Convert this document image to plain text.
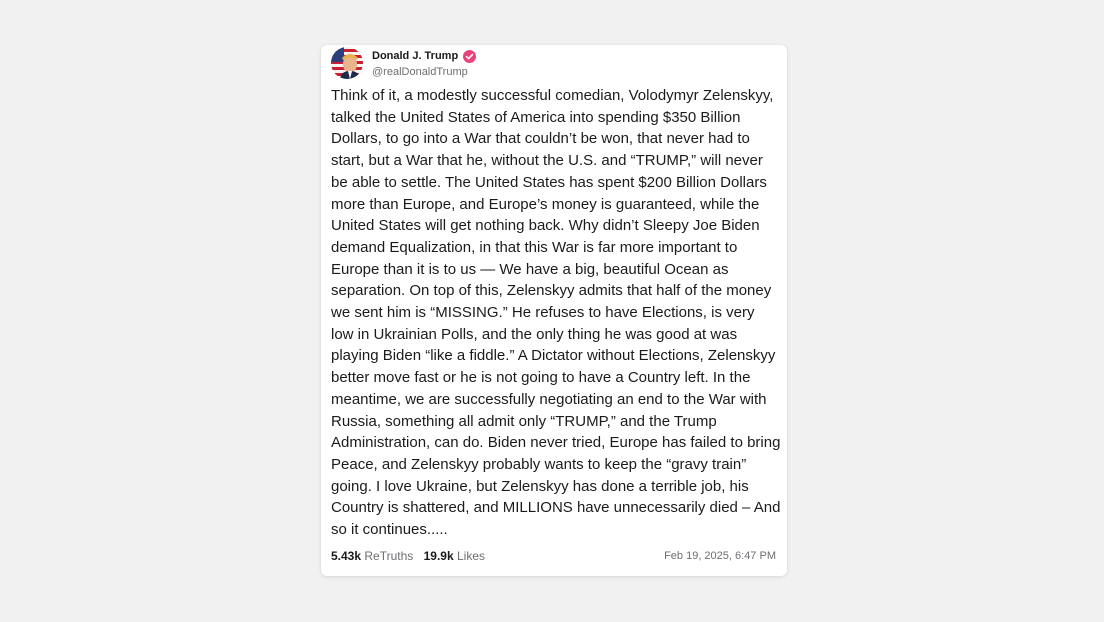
Donald J. Trump
@realDonaldTrump

Think of it, a modestly successful comedian, Volodymyr Zelenskyy, talked the United States of America into spending $350 Billion Dollars, to go into a War that couldn’t be won, that never had to start, but a War that he, without the U.S. and “TRUMP,” will never be able to settle. The United States has spent $200 Billion Dollars more than Europe, and Europe’s money is guaranteed, while the United States will get nothing back. Why didn’t Sleepy Joe Biden demand Equalization, in that this War is far more important to Europe than it is to us — We have a big, beautiful Ocean as separation. On top of this, Zelenskyy admits that half of the money we sent him is “MISSING.” He refuses to have Elections, is very low in Ukrainian Polls, and the only thing he was good at was playing Biden “like a fiddle.” A Dictator without Elections, Zelenskyy better move fast or he is not going to have a Country left. In the meantime, we are successfully negotiating an end to the War with Russia, something all admit only “TRUMP,” and the Trump Administration, can do. Biden never tried, Europe has failed to bring Peace, and Zelenskyy probably wants to keep the “gravy train” going. I love Ukraine, but Zelenskyy has done a terrible job, his Country is shattered, and MILLIONS have unnecessarily died – And so it continues.....

5.43k ReTruths 19.9k Likes	Feb 19, 2025, 6:47 PM
